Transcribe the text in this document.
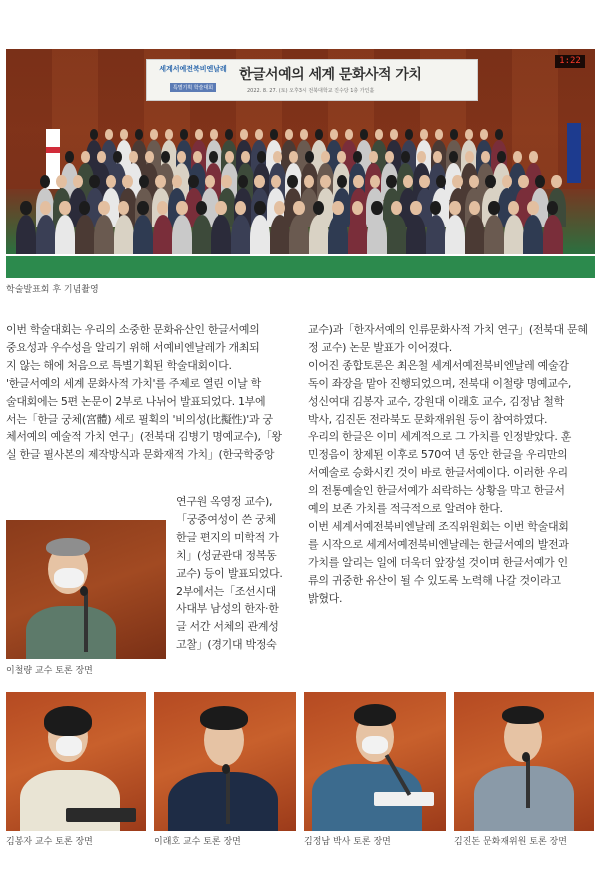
세계서예전북비엔날레
특별기획 학술대회
한글서예의 세계 문화사적 가치
2022. 8. 27. (토) 오후3시 전북대학교 진수당 1층 가인홀
1:22
학술발표회 후 기념촬영

이번 학술대회는 우리의 소중한 문화유산인 한글서예의
중요성과 우수성을 알리기 위해 서예비엔날레가 개최되
지 않는 해에 처음으로 특별기획된 학술대회이다.

'한글서예의 세계 문화사적 가치'를 주제로 열린 이날 학
술대회에는 5편 논문이 2부로 나뉘어 발표되었다. 1부에
서는「한글 궁체(宮體) 세로 필획의 '비의성(比擬性)'과 궁
체서예의 예술적 가치 연구」(전북대 김병기 명예교수),「왕
실 한글 필사본의 제작방식과 문화재적 가치」(한국학중앙

연구원 옥영정 교수),
「궁중여성이 쓴 궁체
한글 편지의 미학적 가
치」(성균관대 정복동
교수) 등이 발표되었다.
2부에서는「조선시대
사대부 남성의 한자·한
글 서간 서체의 관계성
고찰」(경기대 박정숙

교수)과「한자서예의 인류문화사적 가치 연구」(전북대 문혜
정 교수) 논문 발표가 이어졌다.

이어진 종합토론은 최은철 세계서예전북비엔날레 예술감
독이 좌장을 맡아 진행되었으며, 전북대 이철량 명예교수,
성신여대 김봉자 교수, 강원대 이래호 교수, 김정남 철학
박사, 김진돈 전라북도 문화재위원 등이 참여하였다.

우리의 한글은 이미 세계적으로 그 가치를 인정받았다. 훈
민정음이 창제된 이후로 570여 년 동안 한글을 우리만의
서예술로 승화시킨 것이 바로 한글서예이다. 이러한 우리
의 전통예술인 한글서예가 쇠락하는 상황을 막고 한글서
예의 보존 가치를 적극적으로 알려야 한다.

이번 세계서예전북비엔날레 조직위원회는 이번 학술대회
를 시작으로 세계서예전북비엔날레는 한글서예의 발전과
가치를 알리는 일에 더욱더 앞장설 것이며 한글서예가 인
류의 귀중한 유산이 될 수 있도록 노력해 나갈 것이라고
밝혔다.

이철량 교수 토론 장면
김봉자 교수 토론 장면	이래호 교수 토론 장면	김정남 박사 토론 장면	김진돈 문화재위원 토론 장면
